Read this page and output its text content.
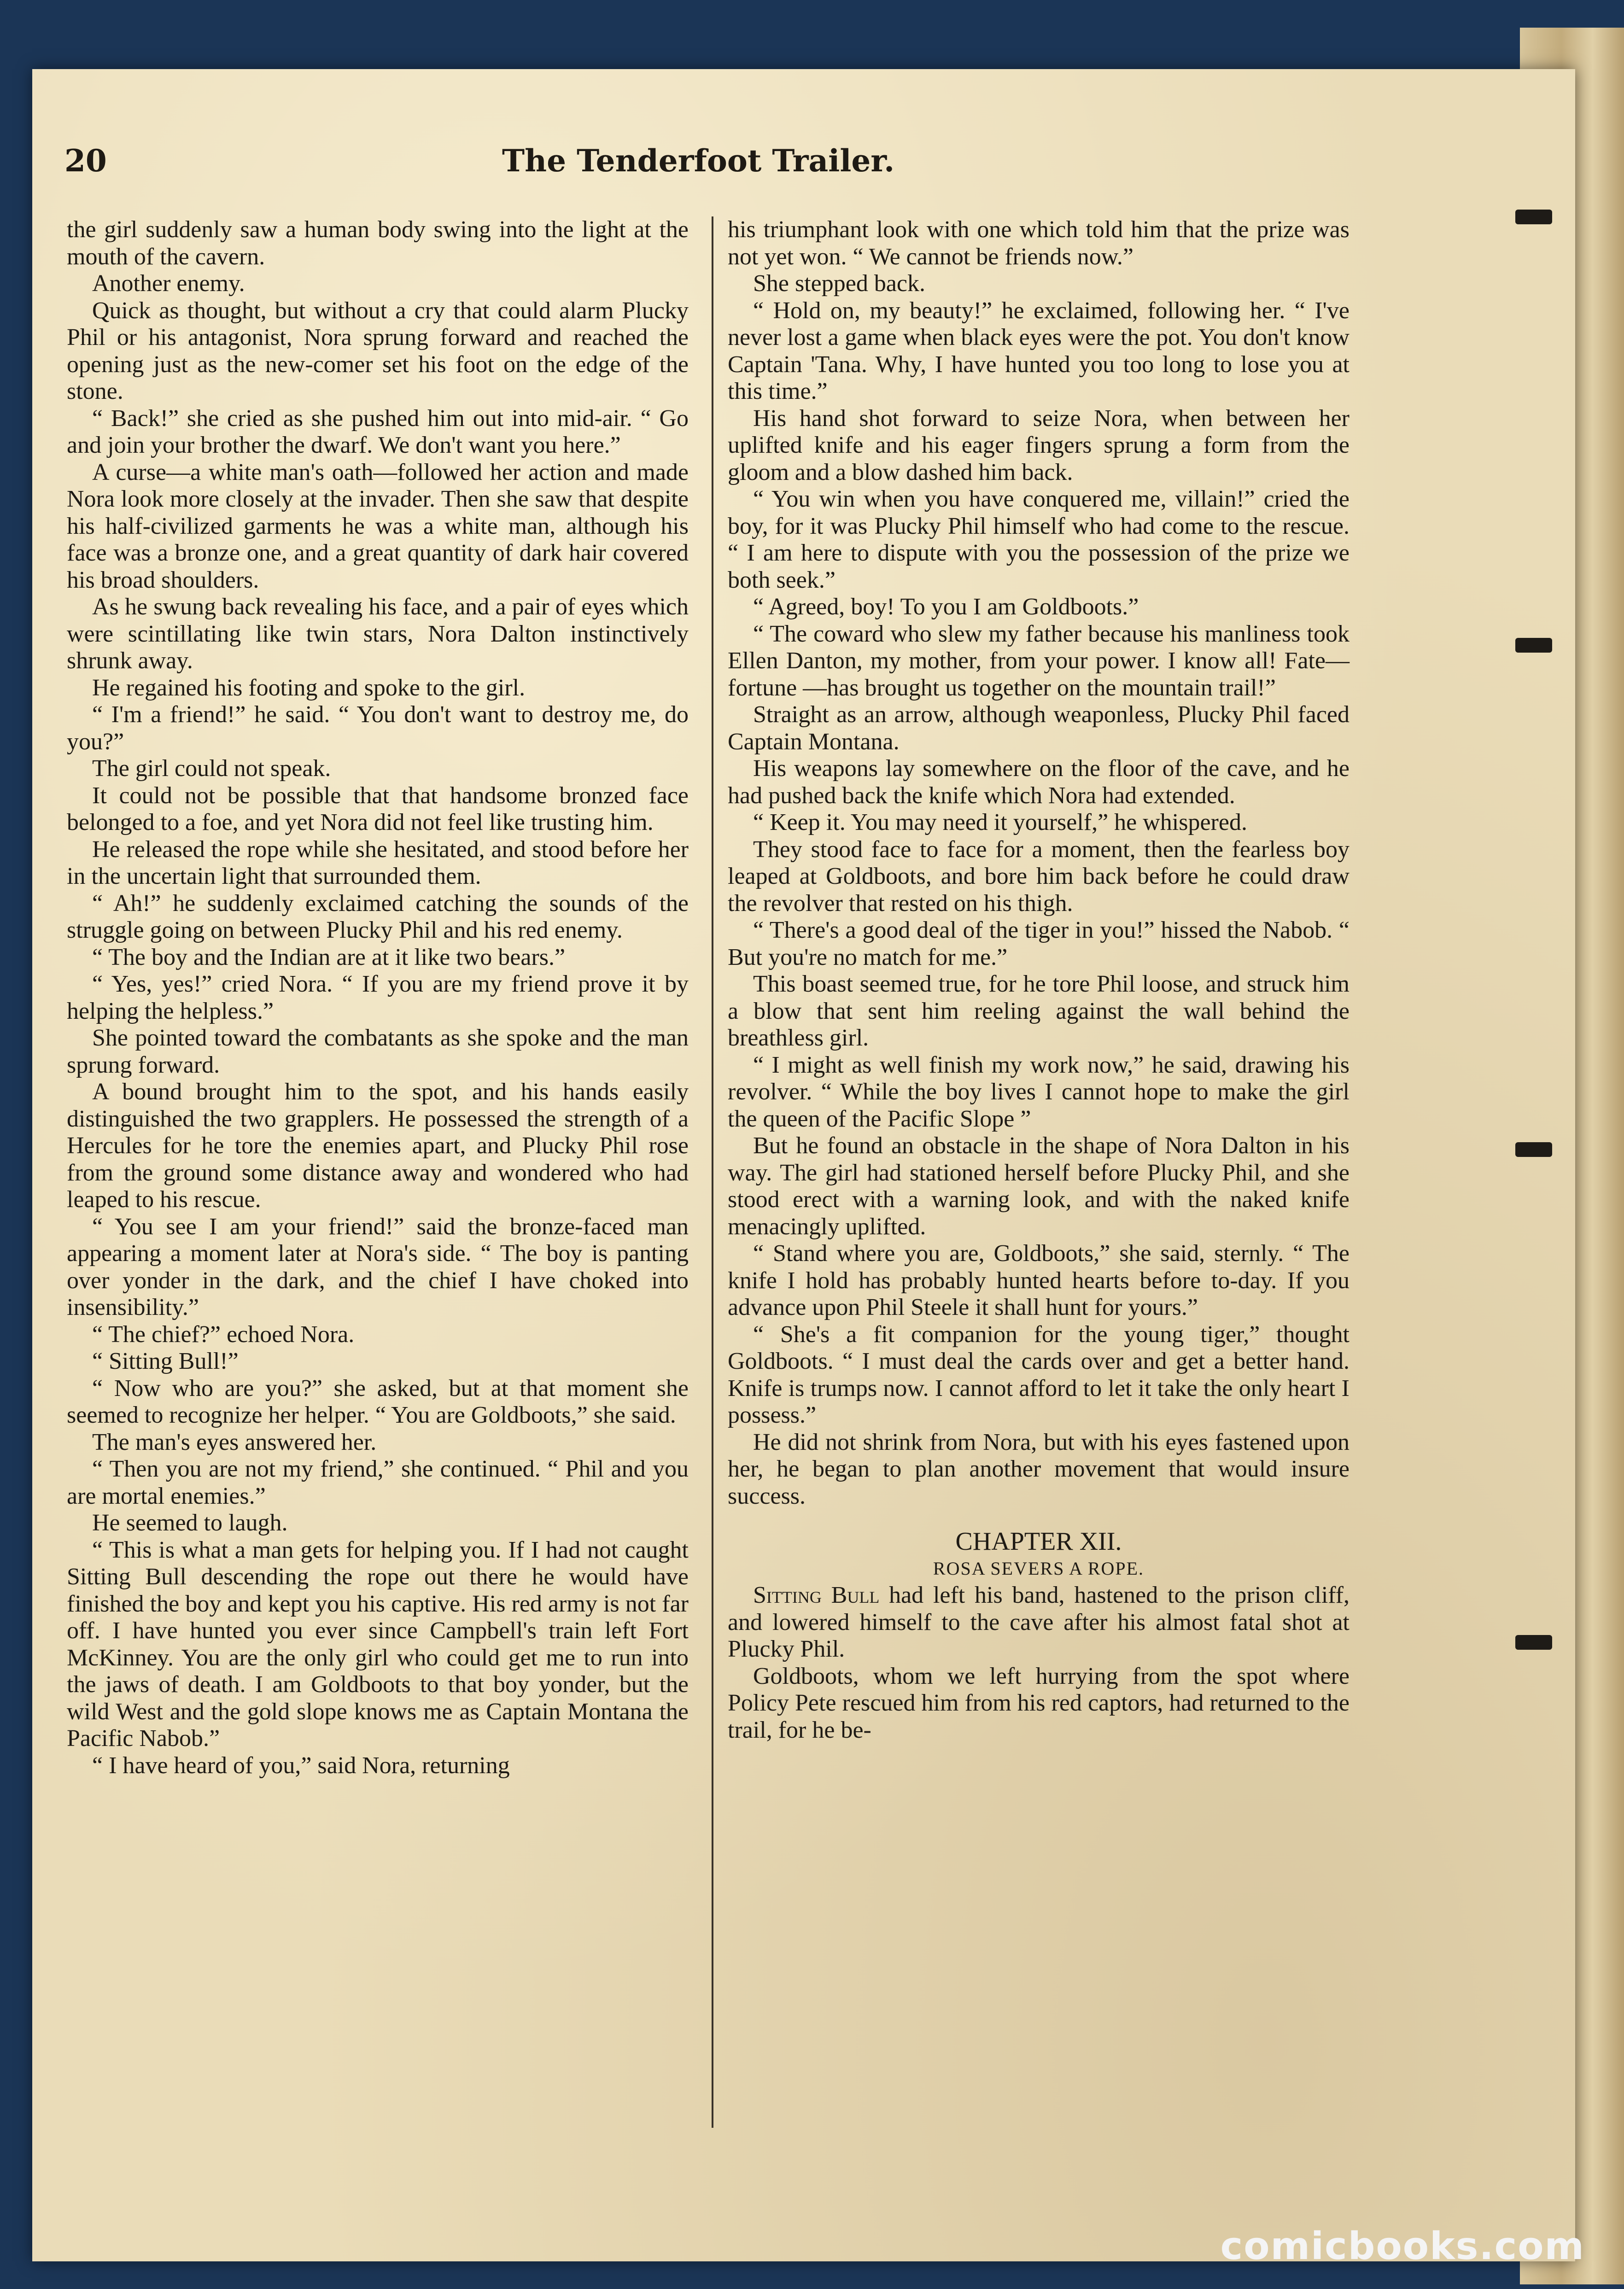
20	The Tenderfoot Trailer.

the girl suddenly saw a human body swing into the light at the mouth of the cavern.

Another enemy.

Quick as thought, but without a cry that could alarm Plucky Phil or his antagonist, Nora sprung forward and reached the opening just as the new-comer set his foot on the edge of the stone.

“ Back!” she cried as she pushed him out into mid-air. “ Go and join your brother the dwarf. We don't want you here.”

A curse—a white man's oath—followed her action and made Nora look more closely at the invader. Then she saw that despite his half-civilized garments he was a white man, although his face was a bronze one, and a great quantity of dark hair covered his broad shoulders.

As he swung back revealing his face, and a pair of eyes which were scintillating like twin stars, Nora Dalton instinctively shrunk away.

He regained his footing and spoke to the girl.

“ I'm a friend!” he said. “ You don't want to destroy me, do you?”

The girl could not speak.

It could not be possible that that handsome bronzed face belonged to a foe, and yet Nora did not feel like trusting him.

He released the rope while she hesitated, and stood before her in the uncertain light that surrounded them.

“ Ah!” he suddenly exclaimed catching the sounds of the struggle going on between Plucky Phil and his red enemy.

“ The boy and the Indian are at it like two bears.”

“ Yes, yes!” cried Nora. “ If you are my friend prove it by helping the helpless.”

She pointed toward the combatants as she spoke and the man sprung forward.

A bound brought him to the spot, and his hands easily distinguished the two grapplers. He possessed the strength of a Hercules for he tore the enemies apart, and Plucky Phil rose from the ground some distance away and wondered who had leaped to his rescue.

“ You see I am your friend!” said the bronze-faced man appearing a moment later at Nora's side. “ The boy is panting over yonder in the dark, and the chief I have choked into insensibility.”

“ The chief?” echoed Nora.

“ Sitting Bull!”

“ Now who are you?” she asked, but at that moment she seemed to recognize her helper. “ You are Goldboots,” she said.

The man's eyes answered her.

“ Then you are not my friend,” she continued. “ Phil and you are mortal enemies.”

He seemed to laugh.

“ This is what a man gets for helping you. If I had not caught Sitting Bull descending the rope out there he would have finished the boy and kept you his captive. His red army is not far off. I have hunted you ever since Campbell's train left Fort McKinney. You are the only girl who could get me to run into the jaws of death. I am Goldboots to that boy yonder, but the wild West and the gold slope knows me as Captain Montana the Pacific Nabob.”

“ I have heard of you,” said Nora, returning

his triumphant look with one which told him that the prize was not yet won. “ We cannot be friends now.”

She stepped back.

“ Hold on, my beauty!” he exclaimed, following her. “ I've never lost a game when black eyes were the pot. You don't know Captain 'Tana. Why, I have hunted you too long to lose you at this time.”

His hand shot forward to seize Nora, when between her uplifted knife and his eager fingers sprung a form from the gloom and a blow dashed him back.

“ You win when you have conquered me, villain!” cried the boy, for it was Plucky Phil himself who had come to the rescue. “ I am here to dispute with you the possession of the prize we both seek.”

“ Agreed, boy! To you I am Goldboots.”

“ The coward who slew my father because his manliness took Ellen Danton, my mother, from your power. I know all! Fate—fortune —has brought us together on the mountain trail!”

Straight as an arrow, although weaponless, Plucky Phil faced Captain Montana.

His weapons lay somewhere on the floor of the cave, and he had pushed back the knife which Nora had extended.

“ Keep it. You may need it yourself,” he whispered.

They stood face to face for a moment, then the fearless boy leaped at Goldboots, and bore him back before he could draw the revolver that rested on his thigh.

“ There's a good deal of the tiger in you!” hissed the Nabob. “ But you're no match for me.”

This boast seemed true, for he tore Phil loose, and struck him a blow that sent him reeling against the wall behind the breathless girl.

“ I might as well finish my work now,” he said, drawing his revolver. “ While the boy lives I cannot hope to make the girl the queen of the Pacific Slope ”

But he found an obstacle in the shape of Nora Dalton in his way. The girl had stationed herself before Plucky Phil, and she stood erect with a warning look, and with the naked knife menacingly uplifted.

“ Stand where you are, Goldboots,” she said, sternly. “ The knife I hold has probably hunted hearts before to-day. If you advance upon Phil Steele it shall hunt for yours.”

“ She's a fit companion for the young tiger,” thought Goldboots. “ I must deal the cards over and get a better hand. Knife is trumps now. I cannot afford to let it take the only heart I possess.”

He did not shrink from Nora, but with his eyes fastened upon her, he began to plan another movement that would insure success.

CHAPTER XII.

ROSA SEVERS A ROPE.

Sitting Bull had left his band, hastened to the prison cliff, and lowered himself to the cave after his almost fatal shot at Plucky Phil.

Goldboots, whom we left hurrying from the spot where Policy Pete rescued him from his red captors, had returned to the trail, for he be-

comicbooks.com
